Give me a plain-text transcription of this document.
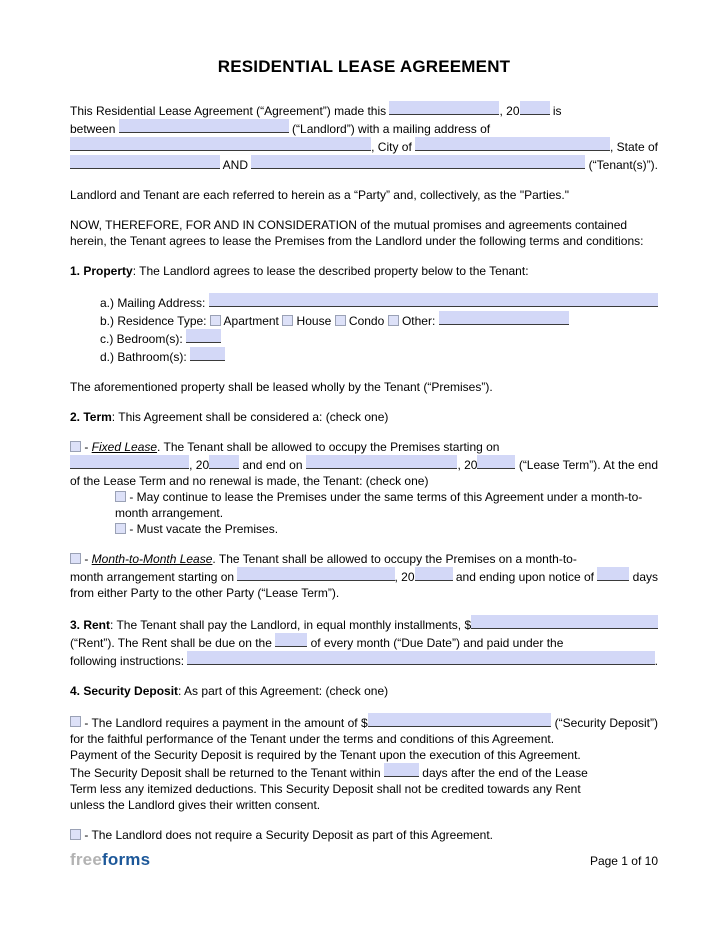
RESIDENTIAL LEASE AGREEMENT
This Residential Lease Agreement (“Agreement”) made this	, 20	is
between	(“Landlord”) with a mailing address of
, City of	, State of
AND	(“Tenant(s)”).

Landlord and Tenant are each referred to herein as a “Party” and, collectively, as the "Parties."

NOW, THEREFORE, FOR AND IN CONSIDERATION of the mutual promises and agreements contained herein, the Tenant agrees to lease the Premises from the Landlord under the following terms and conditions:

1. Property: The Landlord agrees to lease the described property below to the Tenant:

a.) Mailing Address:
b.) Residence Type:  Apartment  House  Condo  Other:
c.) Bedroom(s):
d.) Bathroom(s):

The aforementioned property shall be leased wholly by the Tenant (“Premises”).

2. Term: This Agreement shall be considered a: (check one)

- Fixed Lease. The Tenant shall be allowed to occupy the Premises starting on
, 20	and end on	, 20	(“Lease Term”). At the end
of the Lease Term and no renewal is made, the Tenant: (check one)
- May continue to lease the Premises under the same terms of this Agreement under a month-to-month arrangement.
- Must vacate the Premises.
- Month-to-Month Lease. The Tenant shall be allowed to occupy the Premises on a month-to-
month arrangement starting on	, 20	and ending upon notice of	days
from either Party to the other Party (“Lease Term”).
3. Rent : The Tenant shall pay the Landlord, in equal monthly installments, $
(“Rent”). The Rent shall be due on the	of every month (“Due Date”) and paid under the
following instructions:	.

4. Security Deposit: As part of this Agreement: (check one)

- The Landlord requires a payment in the amount of $	(“Security Deposit”)
for the faithful performance of the Tenant under the terms and conditions of this Agreement.
Payment of the Security Deposit is required by the Tenant upon the execution of this Agreement.
The Security Deposit shall be returned to the Tenant within	days after the end of the Lease
Term less any itemized deductions. This Security Deposit shall not be credited towards any Rent
unless the Landlord gives their written consent.
- The Landlord does not require a Security Deposit as part of this Agreement.
freeforms	Page 1 of 10
